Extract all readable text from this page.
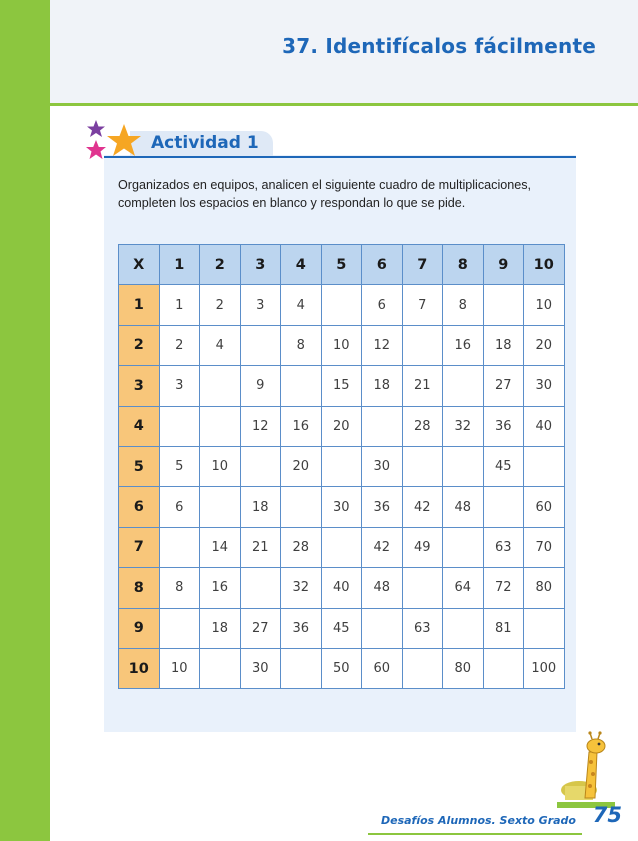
37. Identifícalos fácilmente
Actividad 1
Organizados en equipos, analicen el siguiente cuadro de multiplicaciones, completen los espacios en blanco y respondan lo que se pide.
X	1	2	3	4	5	6	7	8	9	10
1	1	2	3	4		6	7	8		10
2	2	4		8	10	12		16	18	20
3	3		9		15	18	21		27	30
4			12	16	20		28	32	36	40
5	5	10		20		30			45	
6	6		18		30	36	42	48		60
7		14	21	28		42	49		63	70
8	8	16		32	40	48		64	72	80
9		18	27	36	45		63		81	
10	10		30		50	60		80		100
Desafíos Alumnos. Sexto Grado 75
